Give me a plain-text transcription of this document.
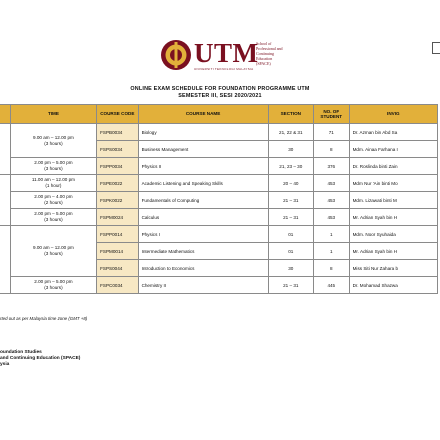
UTM
UNIVERSITI TEKNOLOGI MALAYSIA
School of
Professional and
Continuing
Education
(SPACE)
ONLINE EXAM SCHEDULE FOR FOUNDATION PROGRAMME UTM
SEMESTER III, SESI 2020/2021
	TIME	COURSE CODE	COURSE NAME	SECTION	NO. OF STUDENT	INVIG

	9.00 am – 12.00 pm
(3 hours)	FSPB0034	Biology	21, 22 & 31	71	Dr. Azman bin Abd Sa
		FSPS0034	Business Management	30	8	Mdm. Ainaa Farhana I

	2.00 pm – 5.00 pm
(3 hours)	FSPP0034	Physics II	21, 23 – 30	376	Dr. Roslinda binti Zain

	11.00 am – 12.00 pm
(1 hour)	FSPE0022	Academic Listening and Speaking Skills	20 – 40	453	Mdm Nur 'Ain binti Mo

	2.00 pm – 4.00 pm
(2 hours)	FSPK0022	Fundamentals of Computing	21 – 31	453	Mdm. Lizawati binti M

	2.00 pm – 5.00 pm
(3 hours)	FSPM0024	Calculus	21 – 31	453	Mr. Adrian Syah bin H

	9.00 am – 12.00 pm
(3 hours)	FSPP0014	Physics I	01	1	Mdm. Noor Syuhaida
		FSPM0014	Intermediate Mathematics	01	1	Mr. Adrian Syah bin H
		FSPS0044	Introduction to Economics	30	8	Miss Siti Nur Zahara b

	2.00 pm – 5.00 pm
(3 hours)	FSPC0034	Chemistry II	21 – 31	445	Dr. Mohamad Shazwa
rted out as per Malaysia time zone (GMT +8)
oundation Studies
and Continuing Education (SPACE)
ysia
